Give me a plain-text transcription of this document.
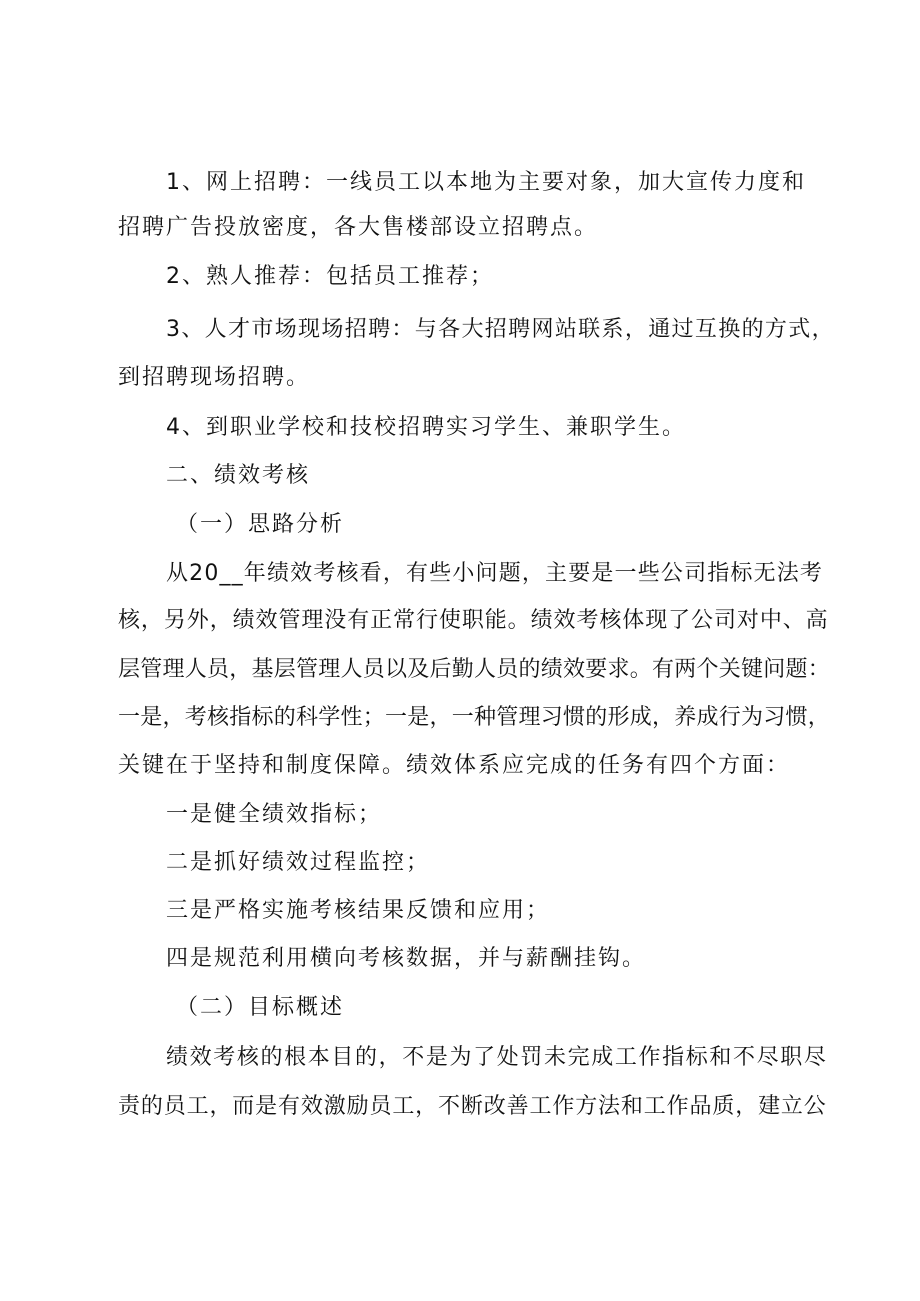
1、网上招聘：一线员工以本地为主要对象，加大宣传力度和
招聘广告投放密度，各大售楼部设立招聘点。
2、熟人推荐：包括员工推荐；
3 、 人 才 市 场 现 场 招 聘 ： 与 各 大 招 聘 网 站 联 系 ， 通 过 互 换 的 方 式 ，
到招聘现场招聘。
4、到职业学校和技校招聘实习学生、兼职学生。
二、绩效考核
（一）思路分析
从 2 0 _ _ 年 绩 效 考 核 看 ， 有 些 小 问 题 ， 主 要 是 一 些 公 司 指 标 无 法 考
核 ， 另 外 ， 绩 效 管 理 没 有 正 常 行 使 职 能 。 绩 效 考 核 体 现 了 公 司 对 中 、 高
层 管 理 人 员 ， 基 层 管 理 人 员 以 及 后 勤 人 员 的 绩 效 要 求 。 有 两 个 关 键 问 题 ：
一 是 ， 考 核 指 标 的 科 学 性 ； 一 是 ， 一 种 管 理 习 惯 的 形 成 ， 养 成 行 为 习 惯 ，
关键在于坚持和制度保障。绩效体系应完成的任务有四个方面：
一是健全绩效指标；
二是抓好绩效过程监控；
三是严格实施考核结果反馈和应用；
四是规范利用横向考核数据，并与薪酬挂钩。
（二）目标概述
绩 效 考 核 的 根 本 目 的 ， 不 是 为 了 处 罚 未 完 成 工 作 指 标 和 不 尽 职 尽
责 的 员 工 ， 而 是 有 效 激 励 员 工 ， 不 断 改 善 工 作 方 法 和 工 作 品 质 ， 建 立 公
